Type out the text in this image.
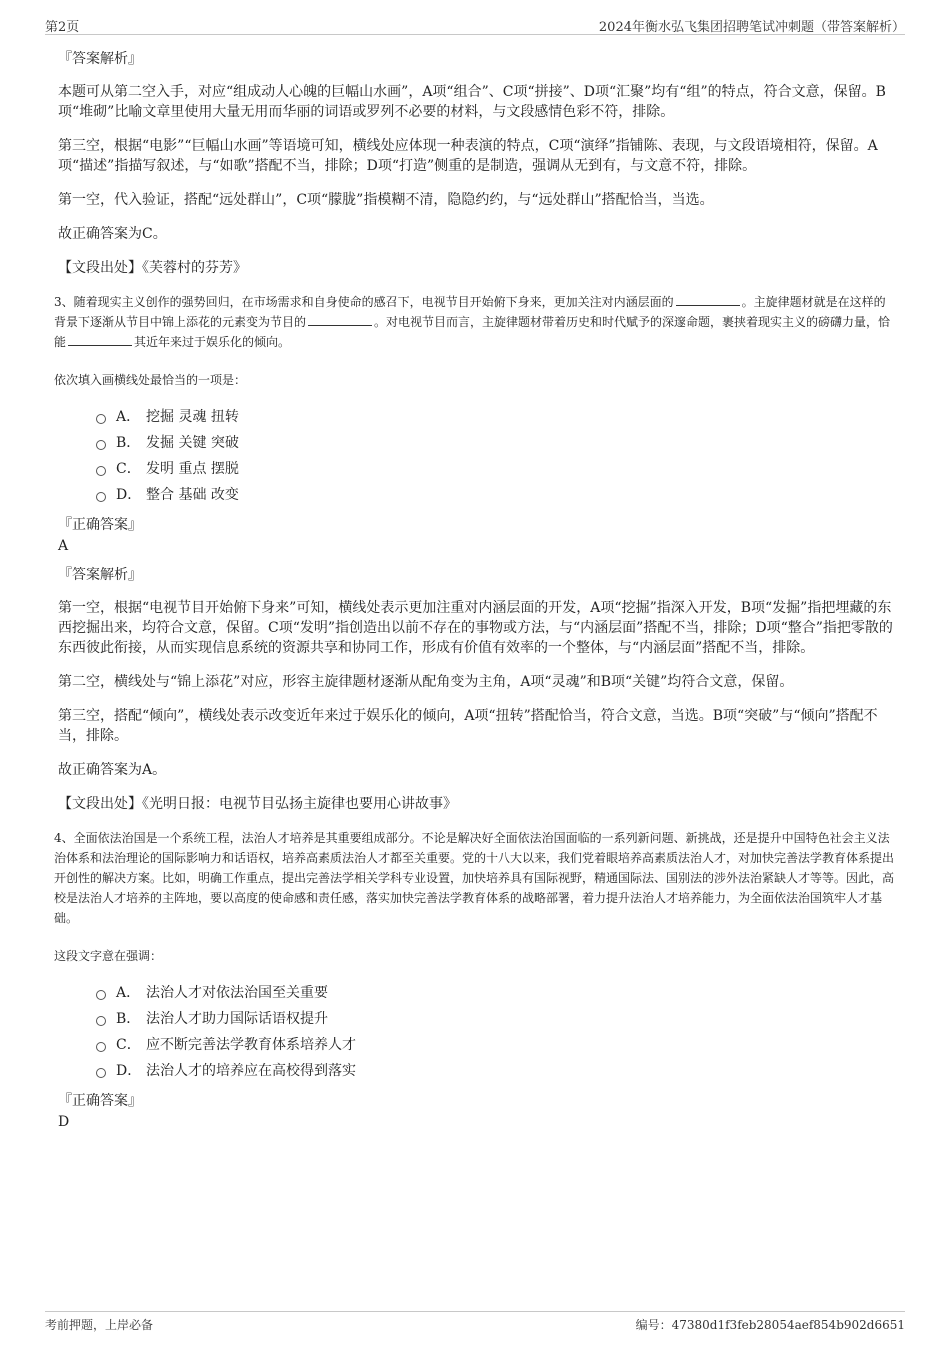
第2页	2024年衡水弘飞集团招聘笔试冲刺题（带答案解析）
『答案解析』
本题可从第二空入手，对应“组成动人心魄的巨幅山水画”，A项“组合”、C项“拼接”、D项“汇聚”均有“组”的特点，符合文意，保留。B项“堆砌”比喻文章里使用大量无用而华丽的词语或罗列不必要的材料，与文段感情色彩不符，排除。
第三空，根据“电影”“巨幅山水画”等语境可知，横线处应体现一种表演的特点，C项“演绎”指铺陈、表现，与文段语境相符，保留。A项“描述”指描写叙述，与“如歌”搭配不当，排除；D项“打造”侧重的是制造，强调从无到有，与文意不符，排除。
第一空，代入验证，搭配“远处群山”，C项“朦胧”指模糊不清，隐隐约约，与“远处群山”搭配恰当，当选。
故正确答案为C。
【文段出处】《芙蓉村的芬芳》
3、随着现实主义创作的强势回归，在市场需求和自身使命的感召下，电视节目开始俯下身来，更加关注对内涵层面的	。主旋律题材就是在这样的背景下逐渐从节目中锦上添花的元素变为节目的	。对电视节目而言，主旋律题材带着历史和时代赋予的深邃命题，裹挟着现实主义的磅礴力量，恰能	其近年来过于娱乐化的倾向。
依次填入画横线处最恰当的一项是：
A． 挖掘 灵魂 扭转
B． 发掘 关键 突破
C． 发明 重点 摆脱
D． 整合 基础 改变
『正确答案』
A
『答案解析』
第一空，根据“电视节目开始俯下身来”可知，横线处表示更加注重对内涵层面的开发，A项“挖掘”指深入开发，B项“发掘”指把埋藏的东西挖掘出来，均符合文意，保留。C项“发明”指创造出以前不存在的事物或方法，与“内涵层面”搭配不当，排除；D项“整合”指把零散的东西彼此衔接，从而实现信息系统的资源共享和协同工作，形成有价值有效率的一个整体，与“内涵层面”搭配不当，排除。
第二空，横线处与“锦上添花”对应，形容主旋律题材逐渐从配角变为主角，A项“灵魂”和B项“关键”均符合文意，保留。
第三空，搭配“倾向”，横线处表示改变近年来过于娱乐化的倾向，A项“扭转”搭配恰当，符合文意，当选。B项“突破”与“倾向”搭配不当，排除。
故正确答案为A。
【文段出处】《光明日报：电视节目弘扬主旋律也要用心讲故事》
4、全面依法治国是一个系统工程，法治人才培养是其重要组成部分。不论是解决好全面依法治国面临的一系列新问题、新挑战，还是提升中国特色社会主义法治体系和法治理论的国际影响力和话语权，培养高素质法治人才都至关重要。党的十八大以来，我们党着眼培养高素质法治人才，对加快完善法学教育体系提出开创性的解决方案。比如，明确工作重点，提出完善法学相关学科专业设置，加快培养具有国际视野，精通国际法、国别法的涉外法治紧缺人才等等。因此，高校是法治人才培养的主阵地，要以高度的使命感和责任感，落实加快完善法学教育体系的战略部署，着力提升法治人才培养能力，为全面依法治国筑牢人才基础。
这段文字意在强调：
A． 法治人才对依法治国至关重要
B． 法治人才助力国际话语权提升
C． 应不断完善法学教育体系培养人才
D． 法治人才的培养应在高校得到落实
『正确答案』
D
考前押题，上岸必备	编号：47380d1f3feb28054aef854b902d6651
